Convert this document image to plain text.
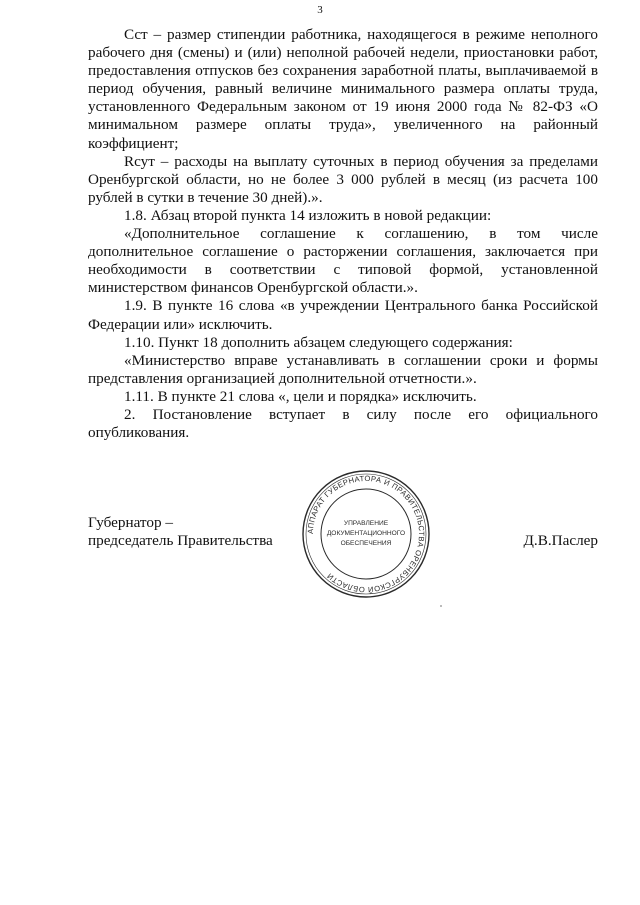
3

Сст – размер стипендии работника, находящегося в режиме неполного рабочего дня (смены) и (или) неполной рабочей недели, приостановки работ, предоставления отпусков без сохранения заработной платы, выплачиваемой в период обучения, равный величине минимального размера оплаты труда, установленного Федеральным законом от 19 июня 2000 года № 82-ФЗ «О минимальном размере оплаты труда», увеличенного на районный коэффициент;

Rсут – расходы на выплату суточных в период обучения за пределами Оренбургской области, но не более 3 000 рублей в месяц (из расчета 100 рублей в сутки в течение 30 дней).».

1.8. Абзац второй пункта 14 изложить в новой редакции:

«Дополнительное соглашение к соглашению, в том числе дополнительное соглашение о расторжении соглашения, заключается при необходимости в соответствии с типовой формой, установленной министерством финансов Оренбургской области.».

1.9. В пункте 16 слова «в учреждении Центрального банка Российской Федерации или» исключить.

1.10. Пункт 18 дополнить абзацем следующего содержания:

«Министерство вправе устанавливать в соглашении сроки и формы представления организацией дополнительной отчетности.».

1.11. В пункте 21 слова «, цели и порядка» исключить.

2. Постановление вступает в силу после его официального опубликования.

Губернатор –
председатель Правительства
АППАРАТ ГУБЕРНАТОРА И ПРАВИТЕЛЬСТВА ОРЕНБУРГСКОЙ ОБЛАСТИ
УПРАВЛЕНИЕ
ДОКУМЕНТАЦИОННОГО
ОБЕСПЕЧЕНИЯ	Д.В.Паслер
